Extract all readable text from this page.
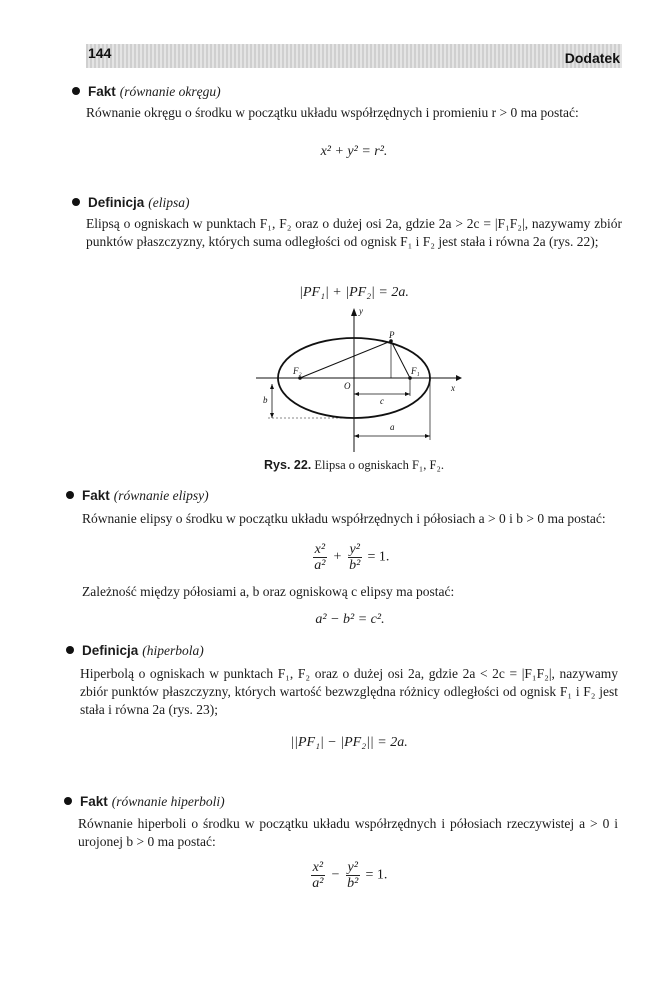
144	Dodatek
Fakt (równanie okręgu)
Równanie okręgu o środku w początku układu współrzędnych i promieniu r > 0 ma postać:
x² + y² = r².
Definicja (elipsa)
Elipsą o ogniskach w punktach F₁, F₂ oraz o dużej osi 2a, gdzie 2a > 2c = |F₁F₂|, nazywamy zbiór punktów płaszczyzny, których suma odległości od ognisk F₁ i F₂ jest stała i równa 2a (rys. 22);
|PF₁| + |PF₂| = 2a.
y
x
P
F₁
F₂
O
b	c
a
Rys. 22. Elipsa o ogniskach F₁, F₂.
Fakt (równanie elipsy)
Równanie elipsy o środku w początku układu współrzędnych i półosiach a > 0 i b > 0 ma postać:
$\frac{\text{x²}}{\text{a²}} + \frac{\text{y²}}{\text{b²}} = 1$.
Zależność między półosiami a, b oraz ogniskową c elipsy ma postać:
a² − b² = c².
Definicja (hiperbola)
Hiperbolą o ogniskach w punktach F₁, F₂ oraz o dużej osi 2a, gdzie 2a < 2c = |F₁F₂|, nazywamy zbiór punktów płaszczyzny, których wartość bezwzględna różnicy odległości od ognisk F₁ i F₂ jest stała i równa 2a (rys. 23);
||PF₁| − |PF₂|| = 2a.
Fakt (równanie hiperboli)
Równanie hiperboli o środku w początku układu współrzędnych i półosiach rzeczywistej a > 0 i urojonej b > 0 ma postać:
$\frac{\text{x²}}{\text{a²}} - \frac{\text{y²}}{\text{b²}} = 1$.
